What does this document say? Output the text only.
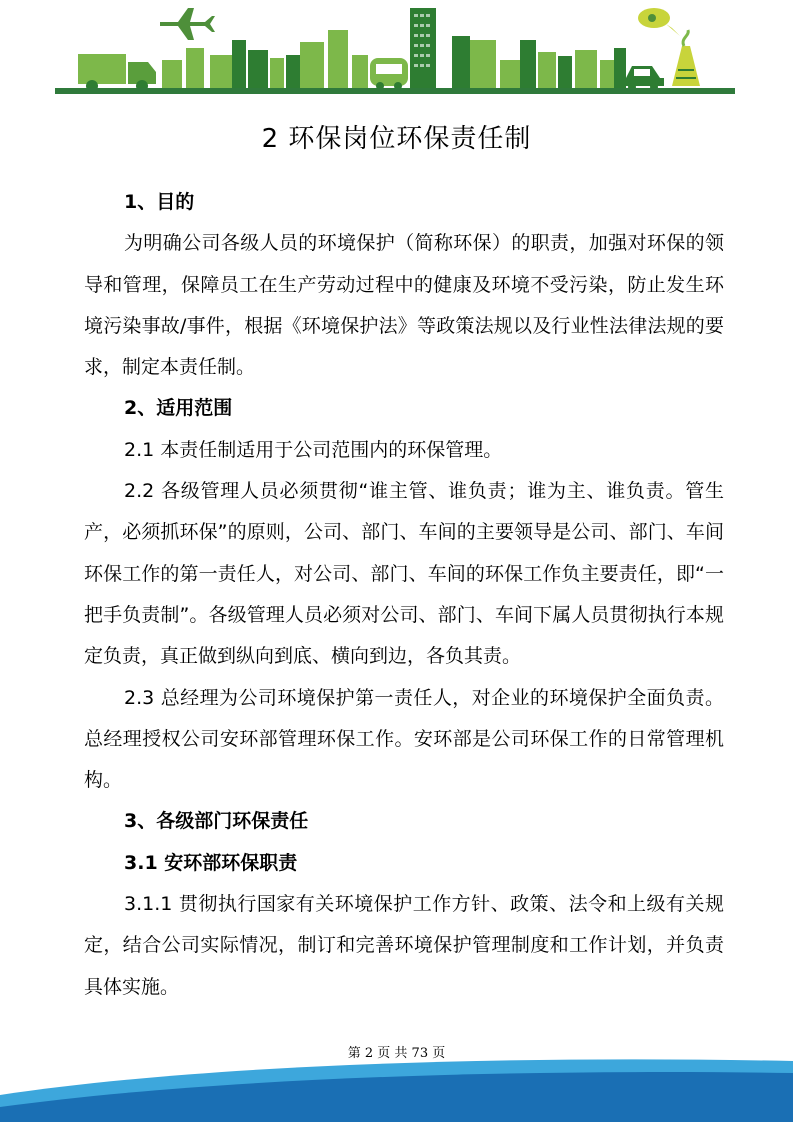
2 环保岗位环保责任制

1、目的

为明确公司各级人员的环境保护（简称环保）的职责，加强对环保的领导和管理，保障员工在生产劳动过程中的健康及环境不受污染，防止发生环境污染事故/事件，根据《环境保护法》等政策法规以及行业性法律法规的要求，制定本责任制。

2、适用范围

2.1 本责任制适用于公司范围内的环保管理。

2.2 各级管理人员必须贯彻“谁主管、谁负责；谁为主、谁负责。管生产，必须抓环保”的原则，公司、部门、车间的主要领导是公司、部门、车间环保工作的第一责任人，对公司、部门、车间的环保工作负主要责任，即“一把手负责制”。各级管理人员必须对公司、部门、车间下属人员贯彻执行本规定负责，真正做到纵向到底、横向到边，各负其责。

2.3 总经理为公司环境保护第一责任人，对企业的环境保护全面负责。总经理授权公司安环部管理环保工作。安环部是公司环保工作的日常管理机构。

3、各级部门环保责任

3.1 安环部环保职责

3.1.1 贯彻执行国家有关环境保护工作方针、政策、法令和上级有关规定，结合公司实际情况，制订和完善环境保护管理制度和工作计划，并负责具体实施。

第 2 页 共 73 页
